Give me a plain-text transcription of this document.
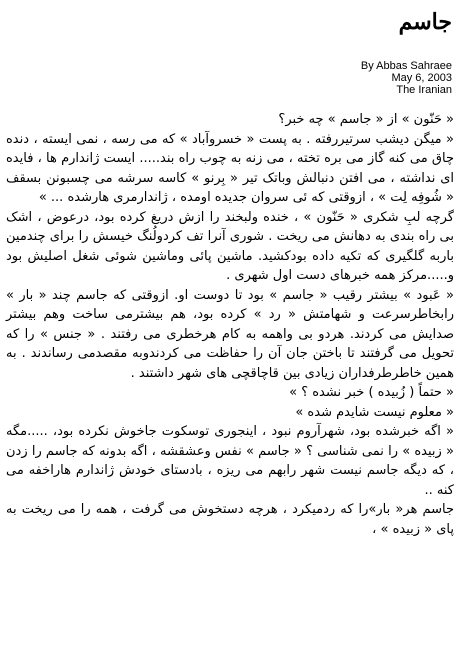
جاسم
By Abbas Sahraee
May 6, 2003
The Iranian

« حَنّون » از « جاسم » چه خبر؟

« میگن دیشب سرتیررفته . به پست « خسروآباد » که می رسه ، نمی ایسته ، دنده چاق می کنه گاز می بره تخته ، می زنه به چوب راه بند..... ایست ژاندارم ها ، فایده ای نداشته ، می افتن دنبالش وباتک تیر « بِرنو » کاسه سرشه می چسبونن بسقف « شُوفِه لِت » ، ازوقتی که ئی سروان جدیده اومده ، ژاندارمری هارشده ... »

گرچه لبِ شکری « حَنّون » ، خنده ولبخند را ازش دریغ کرده بود، درعوض ، اشک بی راه بندی به دهانش می ریخت . شوری آنرا تف کردولُنگ خیسش را برای چندمین باربه گلگیری که تکیه داده بودکشید. ماشین پائی وماشین شوئی شغل اصلیش بود و.....مرکز همه خبرهای دست اول شهری .

« عَبود » بیشتر رقیب « جاسم » بود تا دوست او. ازوقتی که جاسم چند « بار » رابخاطرسرعت و شهامتش « رد » کرده بود، هم بیشترمی ساخت وهم بیشتر صدایش می کردند. هردو بی واهمه به کام هرخطری می رفتند . « جنس » را که تحویل می گرفتند تا باختن جان آن را حفاظت می کردندوبه مقصدمی رساندند . به همین خاطرطرفداران زیادی بین قاچاقچی های شهر داشتند .

« حتماً ( زُبیده ) خبر نشده ؟ »

« معلوم نیست شایدم شده »

« اگه خبرشده بود، شهرآروم نبود ، اینجوری توسکوت جاخوش نکرده بود، .....مگه « زبیده » را نمی شناسی ؟ « جاسم » نفس وعشقشه ، اگه بدونه که جاسم را زدن ، که دیگه جاسم نیست شهر رابهم می ریزه ، بادستای خودش ژاندارم هاراخفه می کنه ..

جاسم هر« بار»را که ردمیکرد ، هرچه دستخوش می گرفت ، همه را می ریخت به پای « زبیده » ،
